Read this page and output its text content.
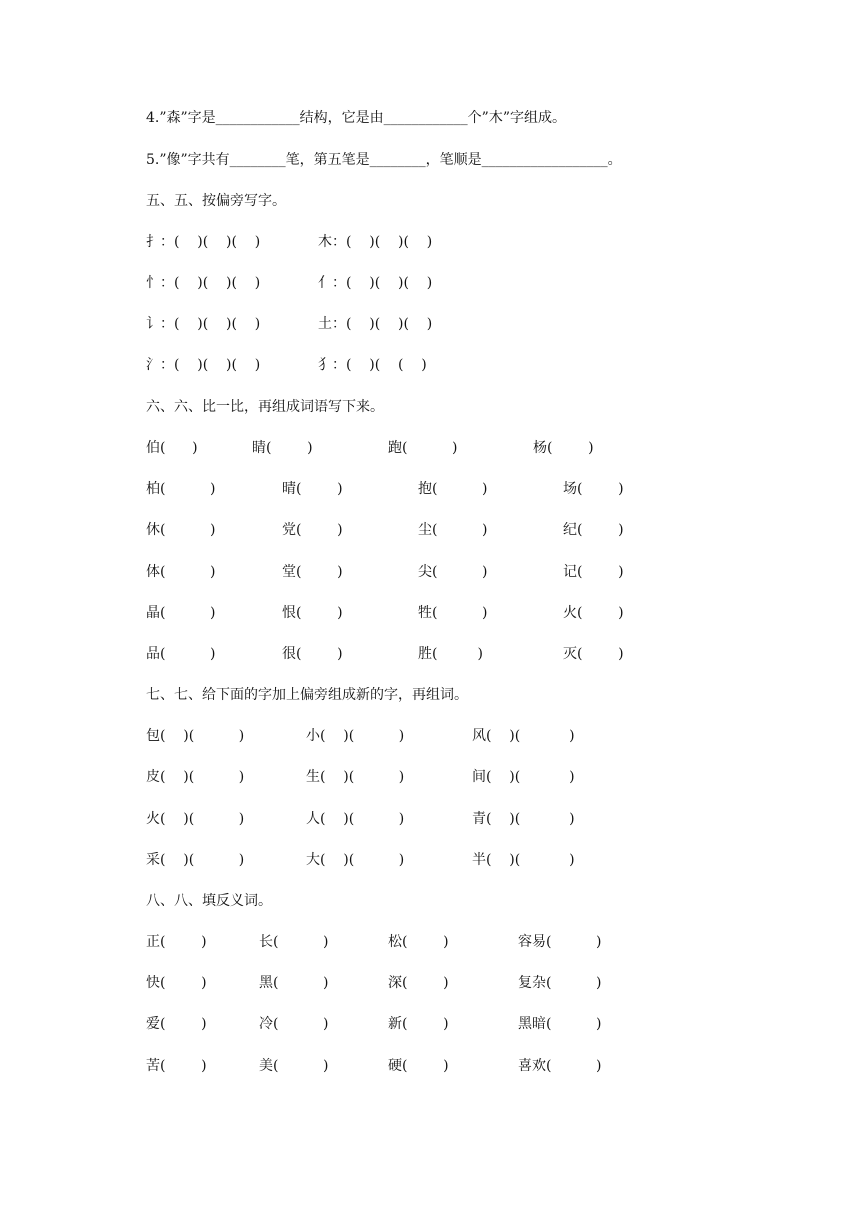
4.”森”字是____________结构，它是由____________个”木”字组成。
5.”像”字共有________笔，第五笔是________，笔顺是__________________。
五、五、按偏旁写字。
扌：(    )(    )(    )	木：(    )(    )(    )
忄：(    )(    )(    )	亻：(    )(    )(    )
讠：(    )(    )(    )	土：(    )(    )(    )
氵：(    )(    )(    )	犭：(    )(    (    )
六、六、比一比，再组成词语写下来。
伯(      )	睛(        )	跑(          )	杨(        )
柏(          )	晴(        )	抱(          )	场(        )
休(          )	党(        )	尘(          )	纪(        )
体(          )	堂(        )	尖(          )	记(        )
晶(          )	恨(        )	牲(          )	火(        )
品(          )	很(        )	胜(         )	灭(        )
七、七、给下面的字加上偏旁组成新的字，再组词。
包(    )(          )	小(    )(          )	风(    )(           )
皮(    )(          )	生(    )(          )	间(    )(           )
火(    )(          )	人(    )(          )	青(    )(           )
采(    )(          )	大(    )(          )	半(    )(           )
八、八、填反义词。
正(        )	长(          )	松(        )	容易(          )
快(        )	黑(          )	深(        )	复杂(          )
爱(        )	冷(          )	新(        )	黑暗(          )
苦(        )	美(          )	硬(        )	喜欢(          )
